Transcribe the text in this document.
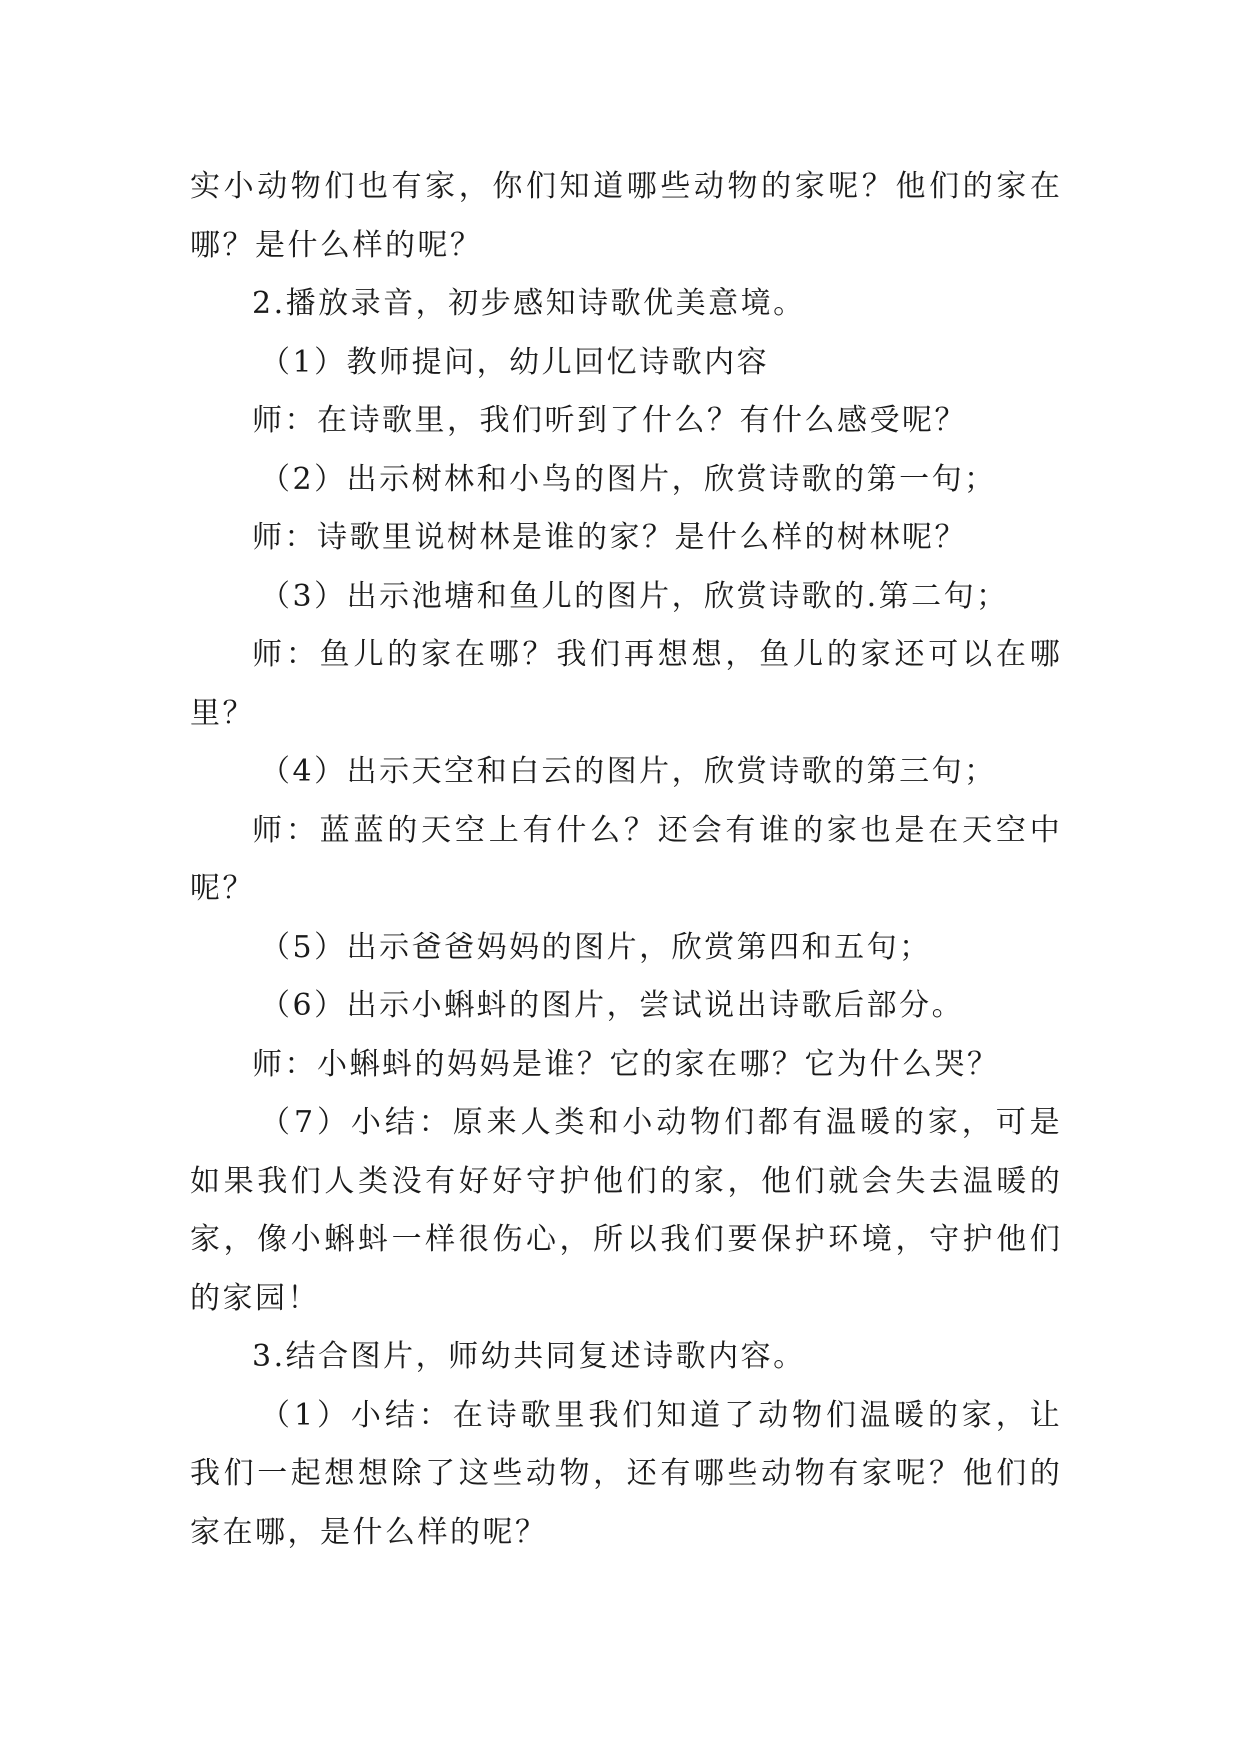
实 小 动 物 们 也 有 家 ， 你 们 知 道 哪 些 动 物 的 家 呢 ？ 他 们 的 家 在
哪？是什么样的呢？
2.播放录音，初步感知诗歌优美意境。
（1）教师提问，幼儿回忆诗歌内容
师：在诗歌里，我们听到了什么？有什么感受呢？
（2）出示树林和小鸟的图片，欣赏诗歌的第一句；
师：诗歌里说树林是谁的家？是什么样的树林呢？
（3）出示池塘和鱼儿的图片，欣赏诗歌的.第二句；
师 ： 鱼 儿 的 家 在 哪 ？ 我 们 再 想 想 ， 鱼 儿 的 家 还 可 以 在 哪
里？
（4）出示天空和白云的图片，欣赏诗歌的第三句；
师 ： 蓝 蓝 的 天 空 上 有 什 么 ？ 还 会 有 谁 的 家 也 是 在 天 空 中
呢？
（5）出示爸爸妈妈的图片，欣赏第四和五句；
（6）出示小蝌蚪的图片，尝试说出诗歌后部分。
师：小蝌蚪的妈妈是谁？它的家在哪？它为什么哭？
（ 7 ） 小 结 ： 原 来 人 类 和 小 动 物 们 都 有 温 暖 的 家 ， 可 是
如 果 我 们 人 类 没 有 好 好 守 护 他 们 的 家 ， 他 们 就 会 失 去 温 暖 的
家 ， 像 小 蝌 蚪 一 样 很 伤 心 ， 所 以 我 们 要 保 护 环 境 ， 守 护 他 们
的家园！
3.结合图片，师幼共同复述诗歌内容。
（ 1 ） 小 结 ： 在 诗 歌 里 我 们 知 道 了 动 物 们 温 暖 的 家 ， 让
我 们 一 起 想 想 除 了 这 些 动 物 ， 还 有 哪 些 动 物 有 家 呢 ？ 他 们 的
家在哪，是什么样的呢？
